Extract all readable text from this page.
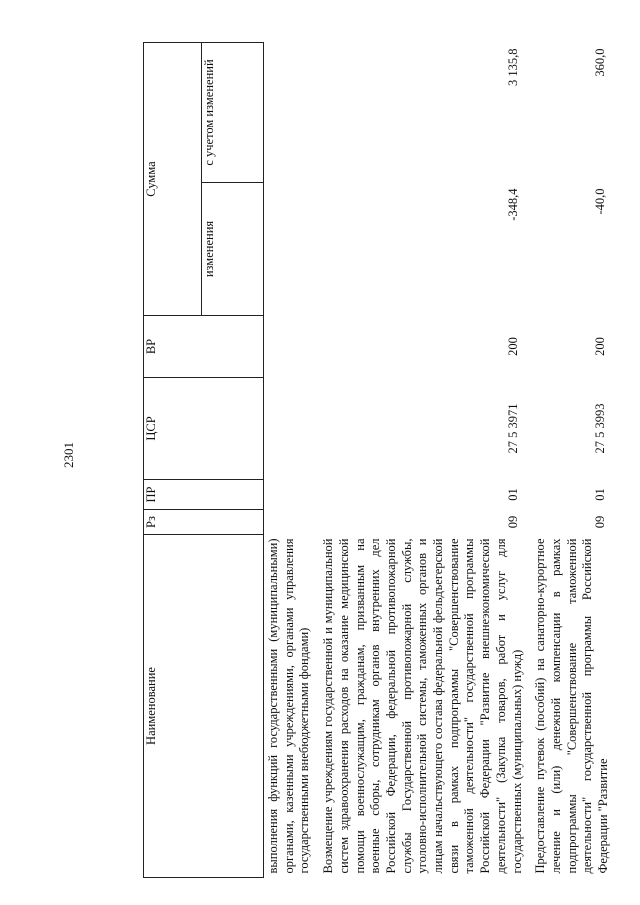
2301
Наименование	Рз	ПР	ЦСР	ВР	Сумма	
					изменения	с учетом изменений
выполнения функций государственными (муниципальными) органами, казенными учреждениями, органами управления государственными внебюджетными фондами)						

Возмещение учреждениям государственной и муниципальной систем здравоохранения расходов на оказание медицинской помощи военнослужащим, гражданам, призванным на военные сборы, сотрудникам органов внутренних дел Российской Федерации, федеральной противопожарной службы Государственной противопожарной службы, уголовно-исполнительной системы, таможенных органов и лицам начальствующего состава федеральной фельдъегерской связи в рамках подпрограммы "Совершенствование таможенной деятельности" государственной программы Российской Федерации "Развитие внешнеэкономической деятельности" (Закупка товаров, работ и услуг для государственных (муниципальных) нужд)	09	01	27 5 3971	200	-348,4	3 135,8

Предоставление путевок (пособий) на санаторно-курортное лечение и (или) денежной компенсации в рамках подпрограммы "Совершенствование таможенной деятельности" государственной программы Российской Федерации "Развитие	09	01	27 5 3993	200	-40,0	360,0
